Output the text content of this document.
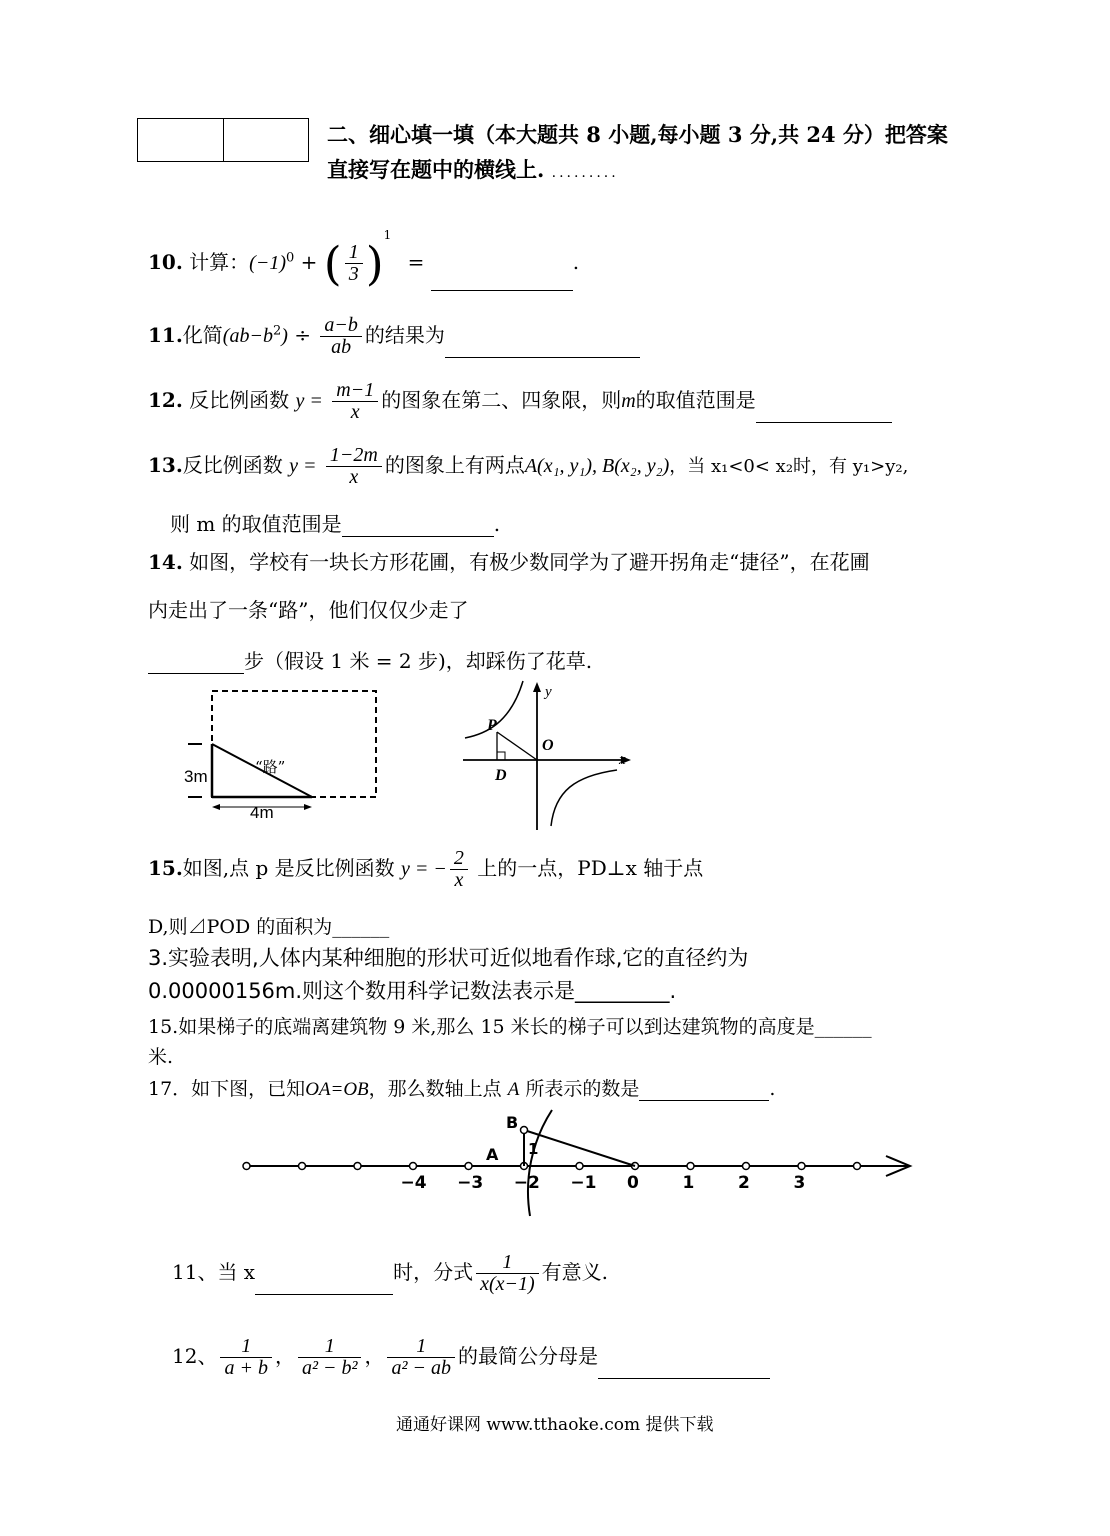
二、细心填一填（本大题共 8 小题,每小题 3 分,共 24 分）把答案
直接写在题中的横线上. .........
10. 计算：$(-1)^0$ + ( $\frac{1}{3} )^1$ =	.
11.化简$(ab-b^2) \div \frac{a-b}{ab}$ 的结果为
12. 反比例函数 $y = \frac{m-1}{x}$ 的图象在第二、四象限，则m的取值范围是
13.反比例函数 $y = \frac{1-2m}{x}$ 的图象上有两点A(x₁, y₁), B(x₂, y₂)，当 x₁<0< x₂时，有 y₁>y₂,
则 m 的取值范围是	.
14. 如图，学校有一块长方形花圃，有极少数同学为了避开拐角走“捷径”，在花圃
内走出了一条“路”，他们仅仅少走了
步（假设 1 米 = 2 步)，却踩伤了花草.
3m
4m
“路”
y
x
P
O
D
15.如图,点 p 是反比例函数 y = − $\frac{2}{x}$ 上的一点，PD⊥x 轴于点
D,则⊿POD 的面积为______
3.实验表明,人体内某种细胞的形状可近似地看作球,它的直径约为
0.00000156m.则这个数用科学记数法表示是_________.
15.如果梯子的底端离建筑物 9 米,那么 15 米长的梯子可以到达建筑物的高度是______
米.
17．如下图，已知OA=OB，那么数轴上点 A 所表示的数是	.
−4 −3 −2 −1 0	1	2	3
B
1
A
11、当 x	时，分式 $\frac{1}{x(x-1)}$ 有意义.
12、 $\frac{1}{a + b}$ ， $\frac{1}{\text{a² − b²}}$ ， $\frac{1}{\text{a² − ab}}$ 的最简公分母是
通通好课网 www.tthaoke.com 提供下载
